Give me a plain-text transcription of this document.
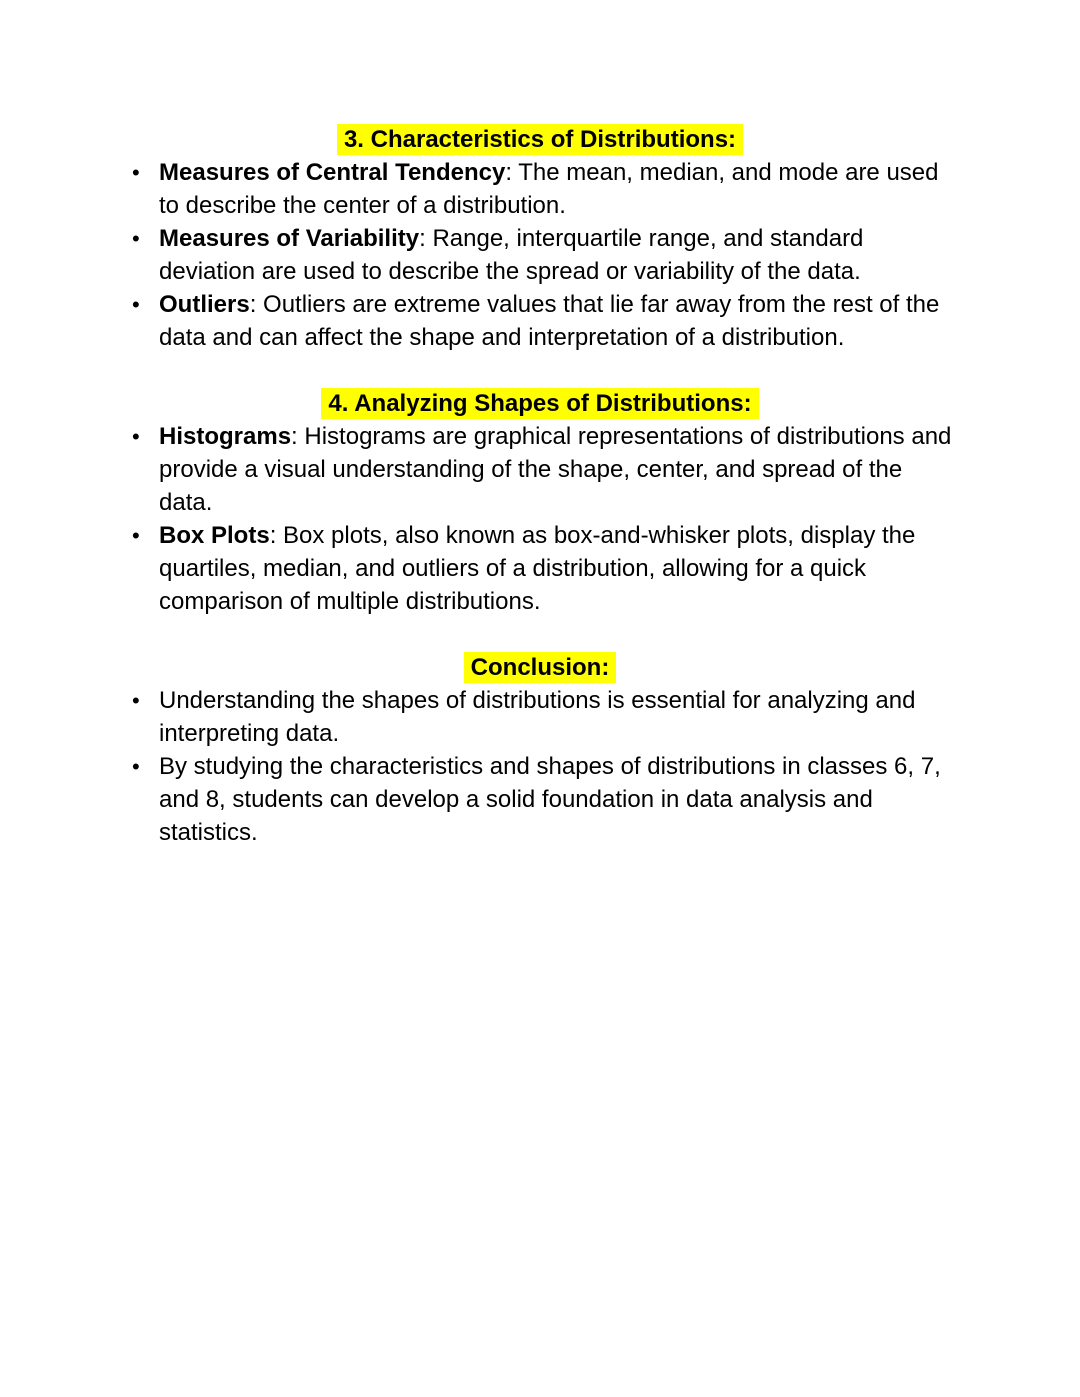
3. Characteristics of Distributions:
• Measures of Central Tendency: The mean, median, and mode are used to describe the center of a distribution.
• Measures of Variability: Range, interquartile range, and standard deviation are used to describe the spread or variability of the data.
• Outliers: Outliers are extreme values that lie far away from the rest of the data and can affect the shape and interpretation of a distribution.
4. Analyzing Shapes of Distributions:
• Histograms: Histograms are graphical representations of distributions and provide a visual understanding of the shape, center, and spread of the data.
• Box Plots: Box plots, also known as box-and-whisker plots, display the quartiles, median, and outliers of a distribution, allowing for a quick comparison of multiple distributions.
Conclusion:
• Understanding the shapes of distributions is essential for analyzing and interpreting data.
• By studying the characteristics and shapes of distributions in classes 6, 7, and 8, students can develop a solid foundation in data analysis and statistics.
